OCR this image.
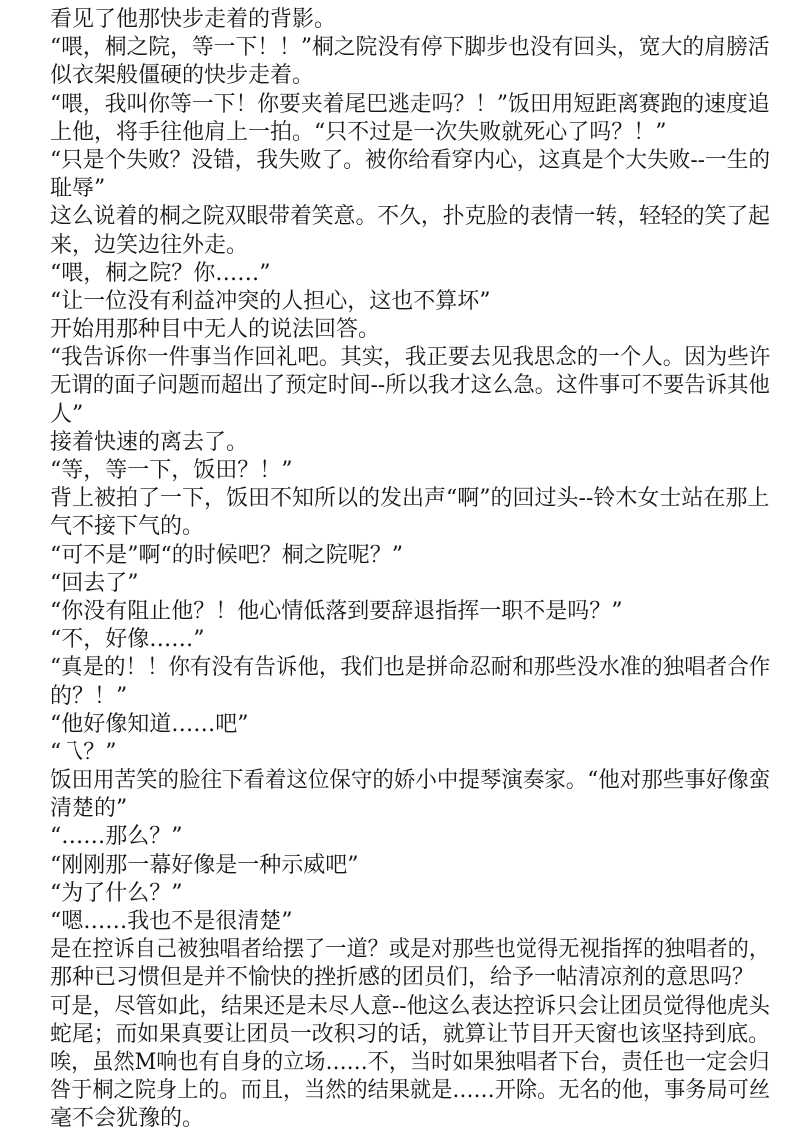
看见了他那快步走着的背影。
“喂，桐之院，等一下！！”桐之院没有停下脚步也没有回头，宽大的肩膀活
似衣架般僵硬的快步走着。
“喂，我叫你等一下！你要夹着尾巴逃走吗？！”饭田用短距离赛跑的速度追
上他，将手往他肩上一拍。“只不过是一次失败就死心了吗？！”
“只是个失败？没错，我失败了。被你给看穿内心，这真是个大失败--一生的
耻辱”
这么说着的桐之院双眼带着笑意。不久，扑克脸的表情一转，轻轻的笑了起
来，边笑边往外走。
“喂，桐之院？你……”
“让一位没有利益冲突的人担心，这也不算坏”
开始用那种目中无人的说法回答。
“我告诉你一件事当作回礼吧。其实，我正要去见我思念的一个人。因为些许
无谓的面子问题而超出了预定时间--所以我才这么急。这件事可不要告诉其他
人”
接着快速的离去了。
“等，等一下，饭田？！”
背上被拍了一下，饭田不知所以的发出声“啊”的回过头--铃木女士站在那上
气不接下气的。
“可不是”啊“的时候吧？桐之院呢？”
“回去了”
“你没有阻止他？！他心情低落到要辞退指挥一职不是吗？”
“不，好像……”
“真是的！！你有没有告诉他，我们也是拼命忍耐和那些没水准的独唱者合作
的？！”
“他好像知道……吧”
“乁？”
饭田用苦笑的脸往下看着这位保守的娇小中提琴演奏家。“他对那些事好像蛮
清楚的”
“……那么？”
“刚刚那一幕好像是一种示威吧”
“为了什么？”
“嗯……我也不是很清楚”
是在控诉自己被独唱者给摆了一道？或是对那些也觉得无视指挥的独唱者的，
那种已习惯但是并不愉快的挫折感的团员们，给予一帖清凉剂的意思吗？
可是，尽管如此，结果还是未尽人意--他这么表达控诉只会让团员觉得他虎头
蛇尾；而如果真要让团员一改积习的话，就算让节目开天窗也该坚持到底。
唉，虽然M响也有自身的立场……不，当时如果独唱者下台，责任也一定会归
咎于桐之院身上的。而且，当然的结果就是……开除。无名的他，事务局可丝
毫不会犹豫的。
